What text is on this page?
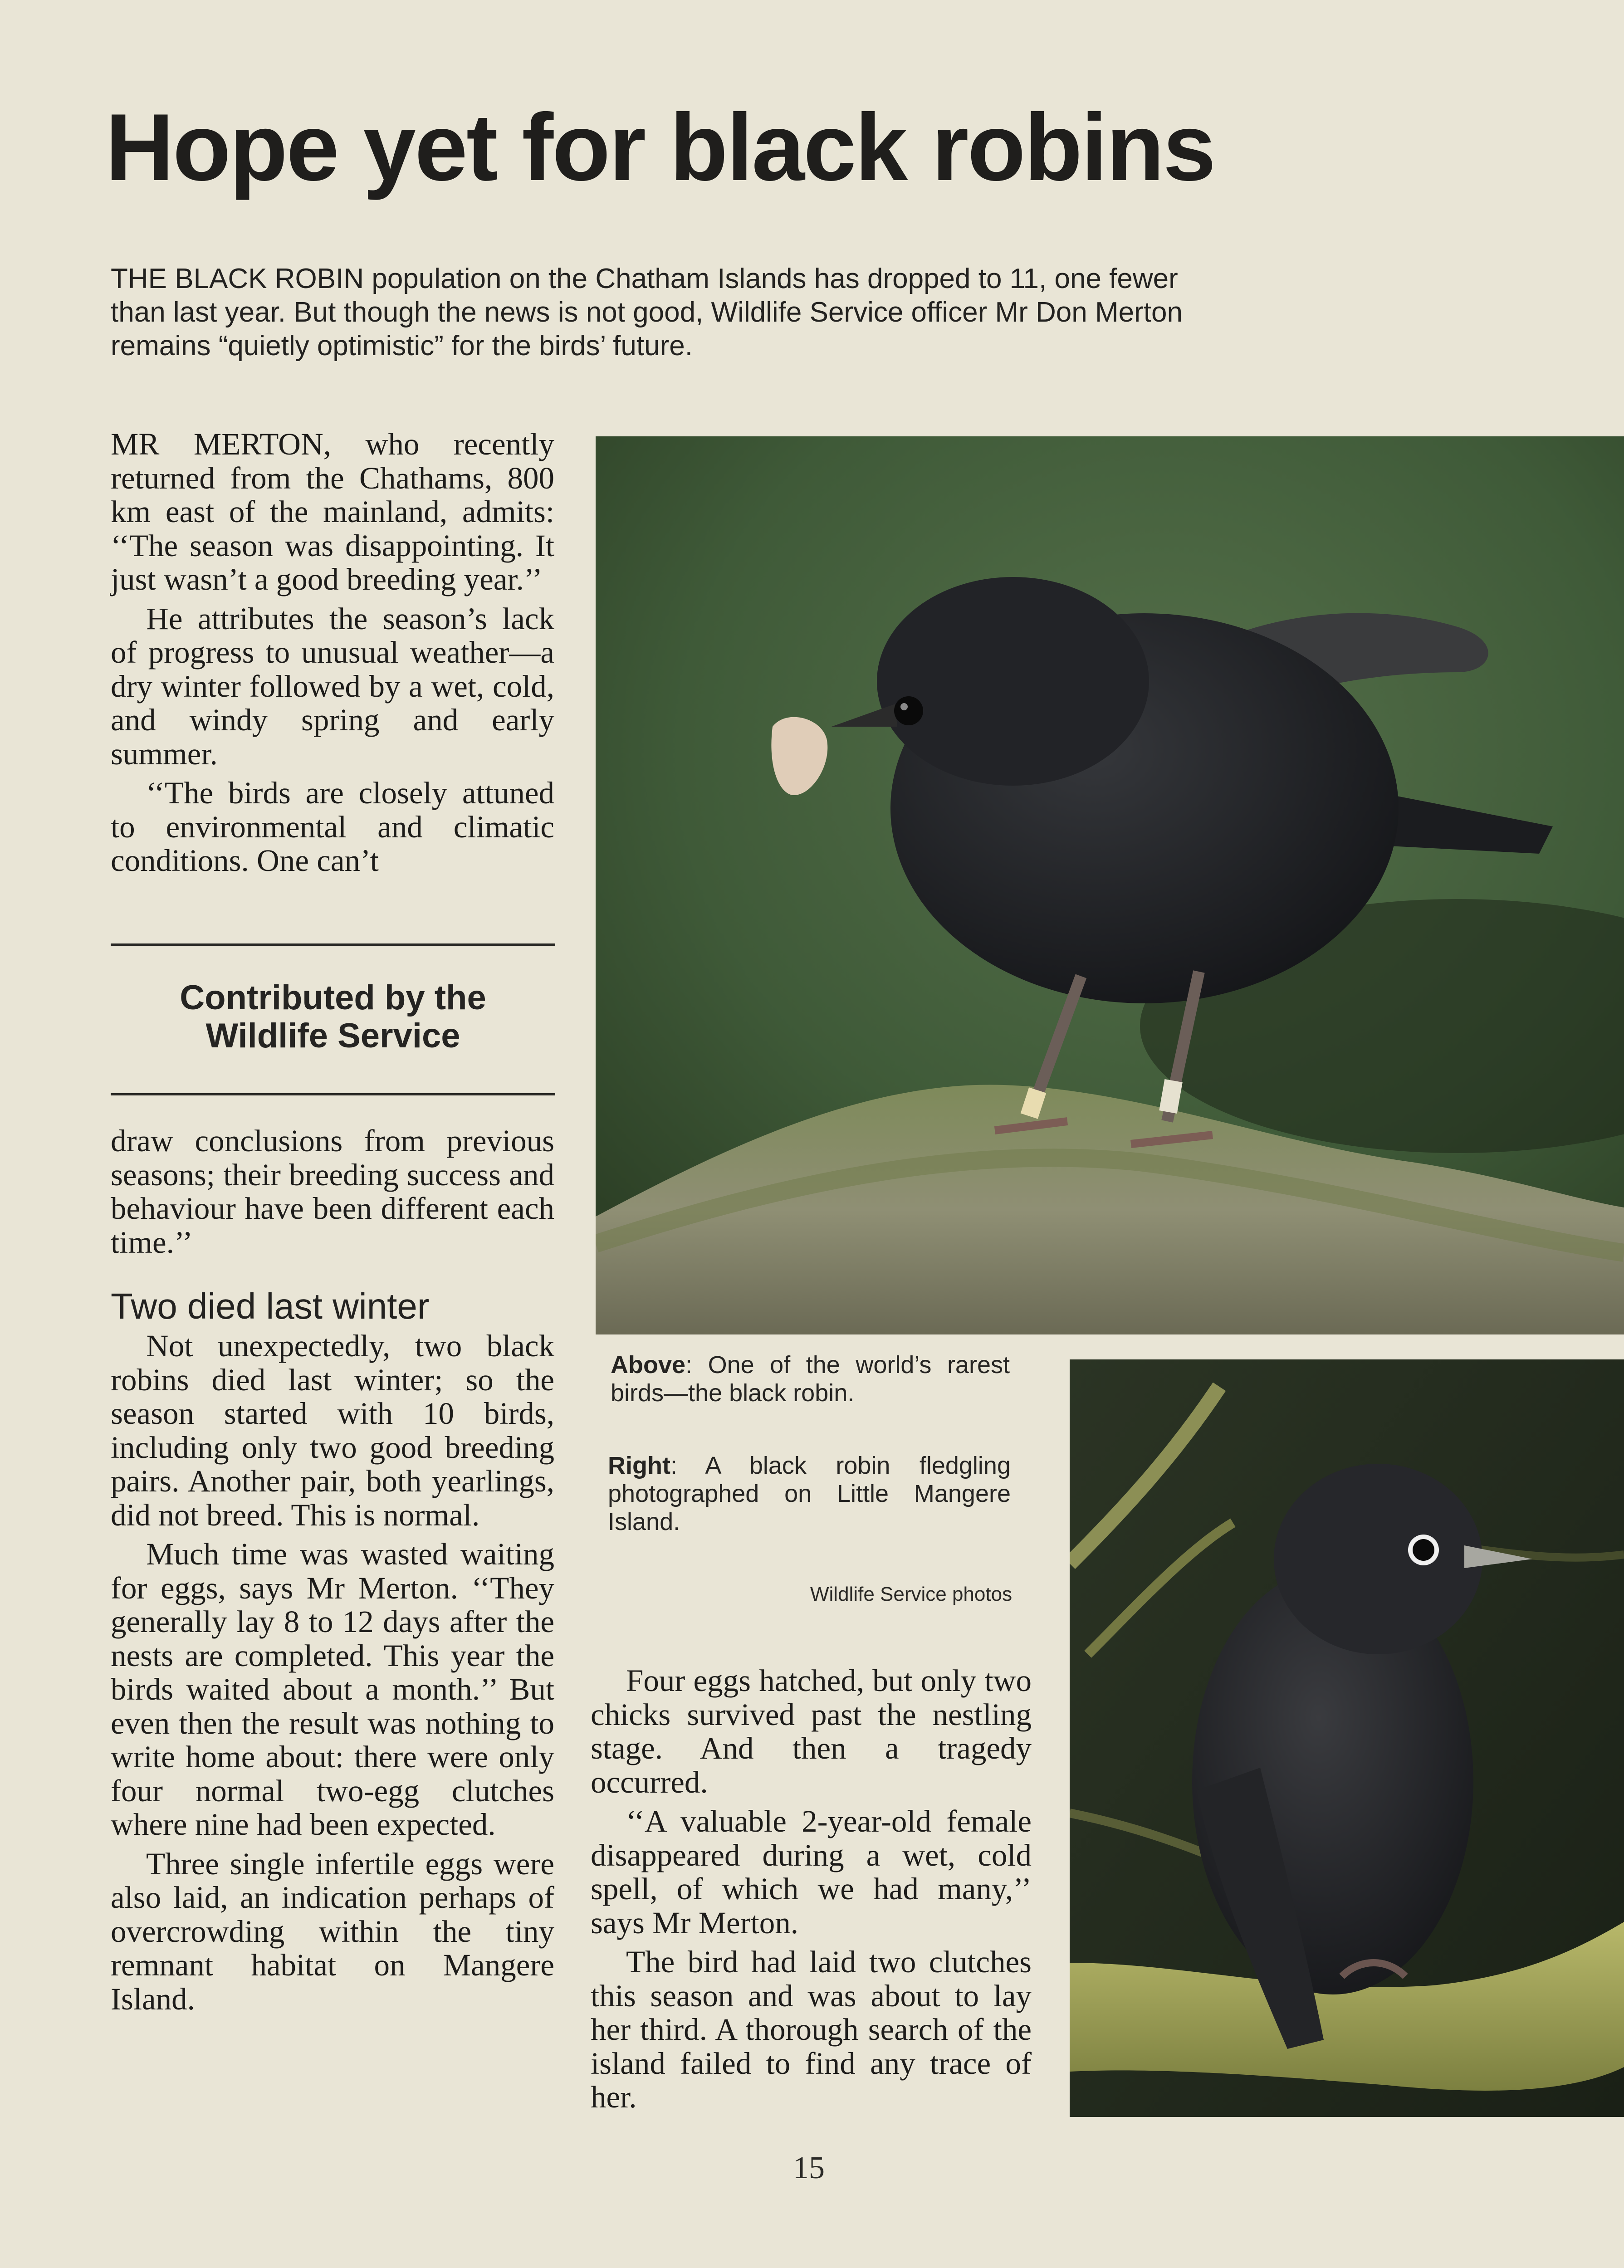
Hope yet for black robins

THE BLACK ROBIN population on the Chatham Islands has dropped to 11, one fewer than last year. But though the news is not good, Wildlife Service officer Mr Don Merton remains “quietly optimistic” for the birds’ future.

MR MERTON, who recently returned from the Chathams, 800 km east of the mainland, admits: ‘‘The season was disappointing. It just wasn’t a good breeding year.’’

He attributes the season’s lack of progress to unusual weather—a dry winter followed by a wet, cold, and windy spring and early summer.

‘‘The birds are closely attuned to environmental and climatic conditions. One can’t

Contributed by the
Wildlife Service

draw conclusions from previous seasons; their breeding success and behaviour have been different each time.’’

Two died last winter

Not unexpectedly, two black robins died last winter; so the season started with 10 birds, including only two good breeding pairs. Another pair, both yearlings, did not breed. This is normal.

Much time was wasted waiting for eggs, says Mr Merton. ‘‘They generally lay 8 to 12 days after the nests are completed. This year the birds waited about a month.’’ But even then the result was nothing to write home about: there were only four normal two-egg clutches where nine had been expected.

Three single infertile eggs were also laid, an indication perhaps of overcrowding within the tiny remnant habitat on Mangere Island.

Above: One of the world’s rarest birds—the black robin.

Right: A black robin fledgling photographed on Little Mangere Island.

Wildlife Service photos

Four eggs hatched, but only two chicks survived past the nestling stage. And then a tragedy occurred.

‘‘A valuable 2-year-old female disappeared during a wet, cold spell, of which we had many,’’ says Mr Merton.

The bird had laid two clutches this season and was about to lay her third. A thorough search of the island failed to find any trace of her.

15
